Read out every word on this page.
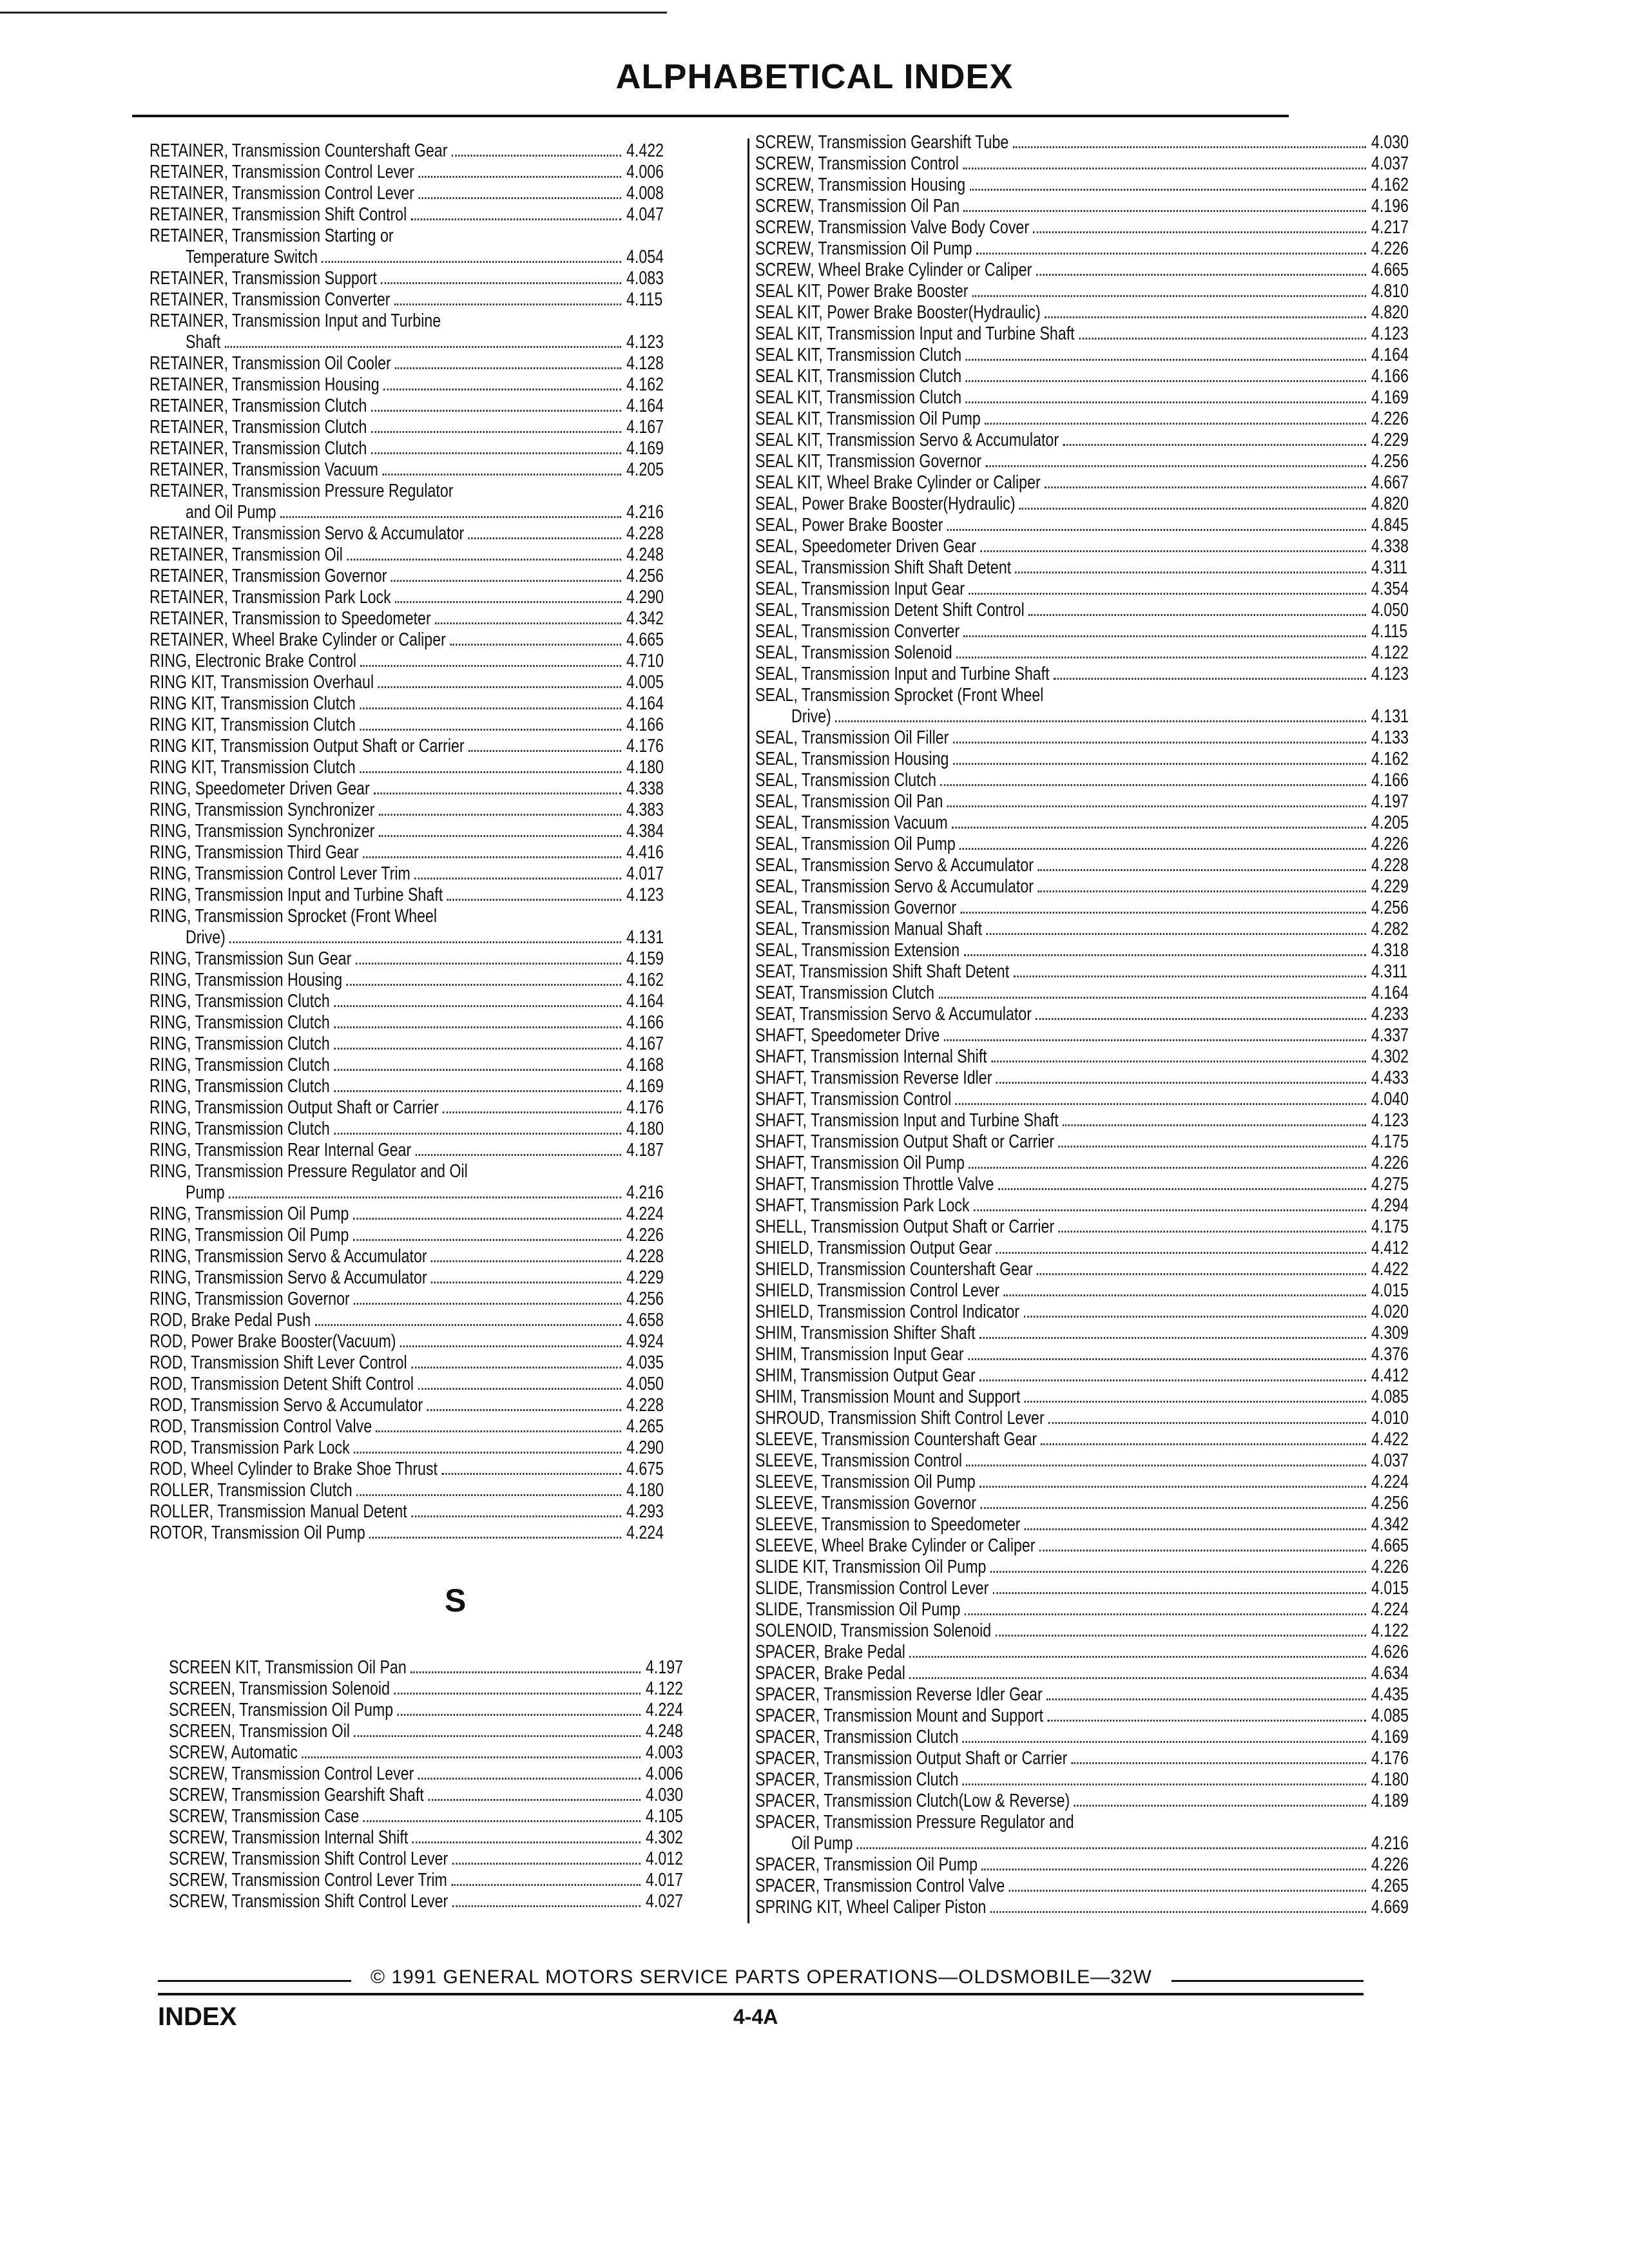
ALPHABETICAL INDEX
RETAINER, Transmission Countershaft Gear	4.422
RETAINER, Transmission Control Lever	4.006
RETAINER, Transmission Control Lever	4.008
RETAINER, Transmission Shift Control	4.047
RETAINER, Transmission Starting or
Temperature Switch	4.054
RETAINER, Transmission Support	4.083
RETAINER, Transmission Converter	4.115
RETAINER, Transmission Input and Turbine
Shaft	4.123
RETAINER, Transmission Oil Cooler	4.128
RETAINER, Transmission Housing	4.162
RETAINER, Transmission Clutch	4.164
RETAINER, Transmission Clutch	4.167
RETAINER, Transmission Clutch	4.169
RETAINER, Transmission Vacuum	4.205
RETAINER, Transmission Pressure Regulator
and Oil Pump	4.216
RETAINER, Transmission Servo & Accumulator	4.228
RETAINER, Transmission Oil	4.248
RETAINER, Transmission Governor	4.256
RETAINER, Transmission Park Lock	4.290
RETAINER, Transmission to Speedometer	4.342
RETAINER, Wheel Brake Cylinder or Caliper	4.665
RING, Electronic Brake Control	4.710
RING KIT, Transmission Overhaul	4.005
RING KIT, Transmission Clutch	4.164
RING KIT, Transmission Clutch	4.166
RING KIT, Transmission Output Shaft or Carrier	4.176
RING KIT, Transmission Clutch	4.180
RING, Speedometer Driven Gear	4.338
RING, Transmission Synchronizer	4.383
RING, Transmission Synchronizer	4.384
RING, Transmission Third Gear	4.416
RING, Transmission Control Lever Trim	4.017
RING, Transmission Input and Turbine Shaft	4.123
RING, Transmission Sprocket (Front Wheel
Drive)	4.131
RING, Transmission Sun Gear	4.159
RING, Transmission Housing	4.162
RING, Transmission Clutch	4.164
RING, Transmission Clutch	4.166
RING, Transmission Clutch	4.167
RING, Transmission Clutch	4.168
RING, Transmission Clutch	4.169
RING, Transmission Output Shaft or Carrier	4.176
RING, Transmission Clutch	4.180
RING, Transmission Rear Internal Gear	4.187
RING, Transmission Pressure Regulator and Oil
Pump	4.216
RING, Transmission Oil Pump	4.224
RING, Transmission Oil Pump	4.226
RING, Transmission Servo & Accumulator	4.228
RING, Transmission Servo & Accumulator	4.229
RING, Transmission Governor	4.256
ROD, Brake Pedal Push	4.658
ROD, Power Brake Booster(Vacuum)	4.924
ROD, Transmission Shift Lever Control	4.035
ROD, Transmission Detent Shift Control	4.050
ROD, Transmission Servo & Accumulator	4.228
ROD, Transmission Control Valve	4.265
ROD, Transmission Park Lock	4.290
ROD, Wheel Cylinder to Brake Shoe Thrust	4.675
ROLLER, Transmission Clutch	4.180
ROLLER, Transmission Manual Detent	4.293
ROTOR, Transmission Oil Pump	4.224
S
SCREEN KIT, Transmission Oil Pan	4.197
SCREEN, Transmission Solenoid	4.122
SCREEN, Transmission Oil Pump	4.224
SCREEN, Transmission Oil	4.248
SCREW, Automatic	4.003
SCREW, Transmission Control Lever	4.006
SCREW, Transmission Gearshift Shaft	4.030
SCREW, Transmission Case	4.105
SCREW, Transmission Internal Shift	4.302
SCREW, Transmission Shift Control Lever	4.012
SCREW, Transmission Control Lever Trim	4.017
SCREW, Transmission Shift Control Lever	4.027
SCREW, Transmission Gearshift Tube	4.030
SCREW, Transmission Control	4.037
SCREW, Transmission Housing	4.162
SCREW, Transmission Oil Pan	4.196
SCREW, Transmission Valve Body Cover	4.217
SCREW, Transmission Oil Pump	4.226
SCREW, Wheel Brake Cylinder or Caliper	4.665
SEAL KIT, Power Brake Booster	4.810
SEAL KIT, Power Brake Booster(Hydraulic)	4.820
SEAL KIT, Transmission Input and Turbine Shaft	4.123
SEAL KIT, Transmission Clutch	4.164
SEAL KIT, Transmission Clutch	4.166
SEAL KIT, Transmission Clutch	4.169
SEAL KIT, Transmission Oil Pump	4.226
SEAL KIT, Transmission Servo & Accumulator	4.229
SEAL KIT, Transmission Governor	4.256
SEAL KIT, Wheel Brake Cylinder or Caliper	4.667
SEAL, Power Brake Booster(Hydraulic)	4.820
SEAL, Power Brake Booster	4.845
SEAL, Speedometer Driven Gear	4.338
SEAL, Transmission Shift Shaft Detent	4.311
SEAL, Transmission Input Gear	4.354
SEAL, Transmission Detent Shift Control	4.050
SEAL, Transmission Converter	4.115
SEAL, Transmission Solenoid	4.122
SEAL, Transmission Input and Turbine Shaft	4.123
SEAL, Transmission Sprocket (Front Wheel
Drive)	4.131
SEAL, Transmission Oil Filler	4.133
SEAL, Transmission Housing	4.162
SEAL, Transmission Clutch	4.166
SEAL, Transmission Oil Pan	4.197
SEAL, Transmission Vacuum	4.205
SEAL, Transmission Oil Pump	4.226
SEAL, Transmission Servo & Accumulator	4.228
SEAL, Transmission Servo & Accumulator	4.229
SEAL, Transmission Governor	4.256
SEAL, Transmission Manual Shaft	4.282
SEAL, Transmission Extension	4.318
SEAT, Transmission Shift Shaft Detent	4.311
SEAT, Transmission Clutch	4.164
SEAT, Transmission Servo & Accumulator	4.233
SHAFT, Speedometer Drive	4.337
SHAFT, Transmission Internal Shift	4.302
SHAFT, Transmission Reverse Idler	4.433
SHAFT, Transmission Control	4.040
SHAFT, Transmission Input and Turbine Shaft	4.123
SHAFT, Transmission Output Shaft or Carrier	4.175
SHAFT, Transmission Oil Pump	4.226
SHAFT, Transmission Throttle Valve	4.275
SHAFT, Transmission Park Lock	4.294
SHELL, Transmission Output Shaft or Carrier	4.175
SHIELD, Transmission Output Gear	4.412
SHIELD, Transmission Countershaft Gear	4.422
SHIELD, Transmission Control Lever	4.015
SHIELD, Transmission Control Indicator	4.020
SHIM, Transmission Shifter Shaft	4.309
SHIM, Transmission Input Gear	4.376
SHIM, Transmission Output Gear	4.412
SHIM, Transmission Mount and Support	4.085
SHROUD, Transmission Shift Control Lever	4.010
SLEEVE, Transmission Countershaft Gear	4.422
SLEEVE, Transmission Control	4.037
SLEEVE, Transmission Oil Pump	4.224
SLEEVE, Transmission Governor	4.256
SLEEVE, Transmission to Speedometer	4.342
SLEEVE, Wheel Brake Cylinder or Caliper	4.665
SLIDE KIT, Transmission Oil Pump	4.226
SLIDE, Transmission Control Lever	4.015
SLIDE, Transmission Oil Pump	4.224
SOLENOID, Transmission Solenoid	4.122
SPACER, Brake Pedal	4.626
SPACER, Brake Pedal	4.634
SPACER, Transmission Reverse Idler Gear	4.435
SPACER, Transmission Mount and Support	4.085
SPACER, Transmission Clutch	4.169
SPACER, Transmission Output Shaft or Carrier	4.176
SPACER, Transmission Clutch	4.180
SPACER, Transmission Clutch(Low & Reverse)	4.189
SPACER, Transmission Pressure Regulator and
Oil Pump	4.216
SPACER, Transmission Oil Pump	4.226
SPACER, Transmission Control Valve	4.265
SPRING KIT, Wheel Caliper Piston	4.669
© 1991 GENERAL MOTORS SERVICE PARTS OPERATIONS—OLDSMOBILE—32W
INDEX	4-4A
